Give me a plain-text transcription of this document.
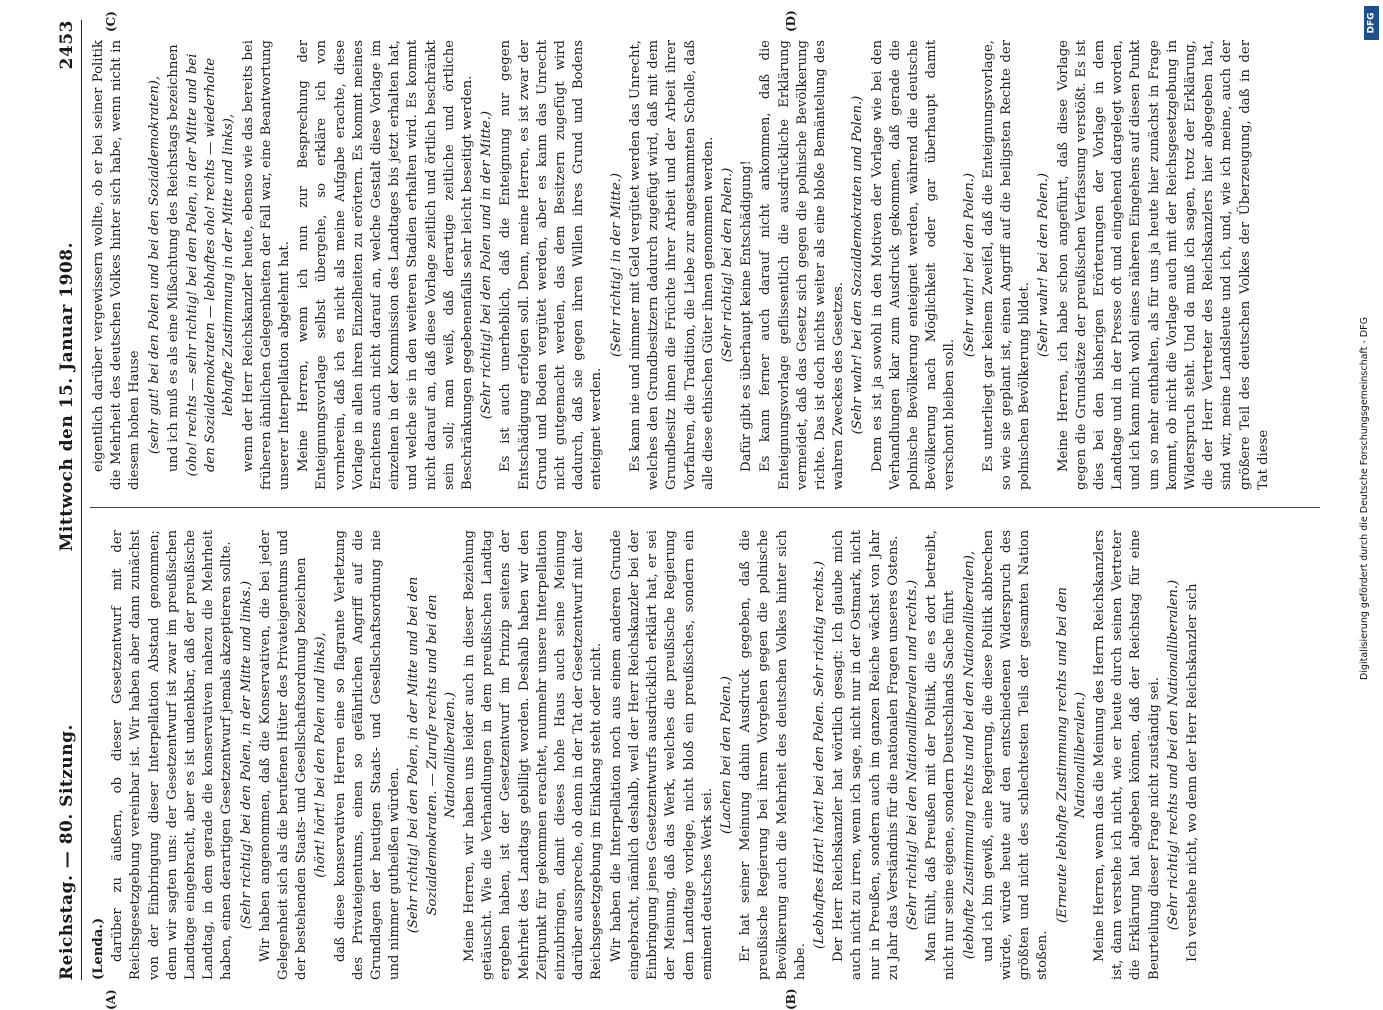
Reichstag. — 80. Sitzung.
Mittwoch den 15. Januar 1908.
2453
(A)	(B)
(C)	(D)

(Lenda.) darüber zu äußern, ob dieser Gesetzentwurf mit der Reichsgesetzgebung vereinbar ist. Wir haben aber dann zunächst von der Einbringung dieser Interpellation Abstand genommen; denn wir sagten uns: der Gesetzentwurf ist zwar im preußischen Landtage eingebracht, aber es ist undenkbar, daß der preußische Landtag, in dem gerade die konservativen nahezu die Mehrheit haben, einen derartigen Gesetzentwurf jemals akzeptieren sollte. (Sehr richtig! bei den Polen, in der Mitte und links.) Wir haben angenommen, daß die Konservativen, die bei jeder Gelegenheit sich als die berufenen Hüter des Privateigentums und der bestehenden Staats- und Gesellschaftsordnung bezeichnen (hört! hört! bei den Polen und links), daß diese konservativen Herren eine so flagrante Verletzung des Privateigentums, einen so gefährlichen Angriff auf die Grundlagen der heutigen Staats- und Gesellschaftsordnung nie und nimmer gutheißen würden. (Sehr richtig! bei den Polen, in der Mitte und bei den Sozialdemokraten. — Zurufe rechts und bei den Nationalliberalen.) Meine Herren, wir haben uns leider auch in dieser Beziehung getäuscht. Wie die Verhandlungen in dem preußischen Landtag ergeben haben, ist der Gesetzentwurf im Prinzip seitens der Mehrheit des Landtags gebilligt worden. Deshalb haben wir den Zeitpunkt für gekommen erachtet, nunmehr unsere Interpellation einzubringen, damit dieses hohe Haus auch seine Meinung darüber ausspreche, ob denn in der Tat der Gesetzentwurf mit der Reichsgesetzgebung im Einklang steht oder nicht. Wir haben die Interpellation noch aus einem anderen Grunde eingebracht, nämlich deshalb, weil der Herr Reichskanzler bei der Einbringung jenes Gesetzentwurfs ausdrücklich erklärt hat, er sei der Meinung, daß das Werk, welches die preußische Regierung dem Landtage vorlege, nicht bloß ein preußisches, sondern ein eminent deutsches Werk sei.

(Lachen bei den Polen.) Er hat seiner Meinung dahin Ausdruck gegeben, daß die preußische Regierung bei ihrem Vorgehen gegen die polnische Bevölkerung auch die Mehrheit des deutschen Volkes hinter sich habe.

(Lebhaftes Hört! hört! bei den Polen. Sehr richtig rechts.) Der Herr Reichskanzler hat wörtlich gesagt: Ich glaube mich auch nicht zu irren, wenn ich sage, nicht nur in der Ostmark, nicht nur in Preußen, sondern auch im ganzen Reiche wächst von Jahr zu Jahr das Verständnis für die nationalen Fragen unseres Ostens. (Sehr richtig! bei den Nationalliberalen und rechts.) Man fühlt, daß Preußen mit der Politik, die es dort betreibt, nicht nur seine eigene, sondern Deutschlands Sache führt (lebhafte Zustimmung rechts und bei den Nationalliberalen), und ich bin gewiß, eine Regierung, die diese Politik abbrechen würde, würde heute auf den entschiedenen Widerspruch des größten und nicht des schlechtesten Teils der gesamten Nation stoßen.

(Erneute lebhafte Zustimmung rechts und bei den Nationalliberalen.) Meine Herren, wenn das die Meinung des Herrn Reichskanzlers ist, dann verstehe ich nicht, wie er heute durch seinen Vertreter die Erklärung hat abgeben können, daß der Reichstag für eine Beurteilung dieser Frage nicht zuständig sei. (Sehr richtig! rechts und bei den Nationalliberalen.) Ich verstehe nicht, wo denn der Herr Reichskanzler sich

eigentlich darüber vergewissern wollte, ob er bei seiner Politik die Mehrheit des deutschen Volkes hinter sich habe, wenn nicht in diesem hohen Hause (sehr gut! bei den Polen und bei den Sozialdemokraten), und ich muß es als eine Mißachtung des Reichstags bezeichnen (oho! rechts — sehr richtig! bei den Polen, in der Mitte und bei den Sozialdemokraten — lebhaftes oho! rechts — wiederholte lebhafte Zustimmung in der Mitte und links), wenn der Herr Reichskanzler heute, ebenso wie das bereits bei früheren ähnlichen Gelegenheiten der Fall war, eine Beantwortung unserer Interpellation abgelehnt hat. Meine Herren, wenn ich nun zur Besprechung der Enteignungsvorlage selbst übergehe, so erkläre ich von vornherein, daß ich es nicht als meine Aufgabe erachte, diese Vorlage in allen ihren Einzelheiten zu erörtern. Es kommt meines Erachtens auch nicht darauf an, welche Gestalt diese Vorlage im einzelnen in der Kommission des Landtages bis jetzt erhalten hat, und welche sie in den weiteren Stadien erhalten wird. Es kommt nicht darauf an, daß diese Vorlage zeitlich und örtlich beschränkt sein soll; man weiß, daß derartige zeitliche und örtliche Beschränkungen gegebenenfalls sehr leicht beseitigt werden. (Sehr richtig! bei den Polen und in der Mitte.) Es ist auch unerheblich, daß die Enteignung nur gegen Entschädigung erfolgen soll. Denn, meine Herren, es ist zwar der Grund und Boden vergütet werden, aber es kann das Unrecht nicht gutgemacht werden, das dem Besitzern zugefügt wird dadurch, daß sie gegen ihren Willen ihres Grund und Bodens enteignet werden.

(Sehr richtig! in der Mitte.) Es kann nie und nimmer mit Geld vergütet werden das Unrecht, welches den Grundbesitzern dadurch zugefügt wird, daß mit dem Grundbesitz ihnen die Früchte ihrer Arbeit und der Arbeit ihrer Vorfahren, die Tradition, die Liebe zur angestammten Scholle, daß alle diese ethischen Güter ihnen genommen werden. (Sehr richtig! bei den Polen.) Dafür gibt es überhaupt keine Entschädigung! Es kann ferner auch darauf nicht ankommen, daß die Enteignungsvorlage geflissentlich die ausdrückliche Erklärung vermeidet, daß das Gesetz sich gegen die polnische Bevölkerung richte. Das ist doch nichts weiter als eine bloße Bemäntelung des wahren Zweckes des Gesetzes. (Sehr wahr! bei den Sozialdemokraten und Polen.) Denn es ist ja sowohl in den Motiven der Vorlage wie bei den Verhandlungen klar zum Ausdruck gekommen, daß gerade die polnische Bevölkerung enteignet werden, während die deutsche Bevölkerung nach Möglichkeit oder gar überhaupt damit verschont bleiben soll.

(Sehr wahr! bei den Polen.) Es unterliegt gar keinem Zweifel, daß die Enteignungsvorlage, so wie sie geplant ist, einen Angriff auf die heiligsten Rechte der polnischen Bevölkerung bildet.

(Sehr wahr! bei den Polen.) Meine Herren, ich habe schon angeführt, daß diese Vorlage gegen die Grundsätze der preußischen Verfassung verstößt. Es ist dies bei den bisherigen Erörterungen der Vorlage in dem Landtage und in der Presse oft und eingehend dargelegt worden, und ich kann mich wohl eines näheren Eingehens auf diesen Punkt um so mehr enthalten, als für uns ja heute hier zunächst in Frage kommt, ob nicht die Vorlage auch mit der Reichsgesetzgebung in Widerspruch steht. Und da muß ich sagen, trotz der Erklärung, die der Herr Vertreter des Reichskanzlers hier abgegeben hat, sind wir, meine Landsleute und ich, und, wie ich meine, auch der größere Teil des deutschen Volkes der Überzeugung, daß in der Tat diese

DFG
Digitalisierung gefördert durch die Deutsche Forschungsgemeinschaft - DFG
